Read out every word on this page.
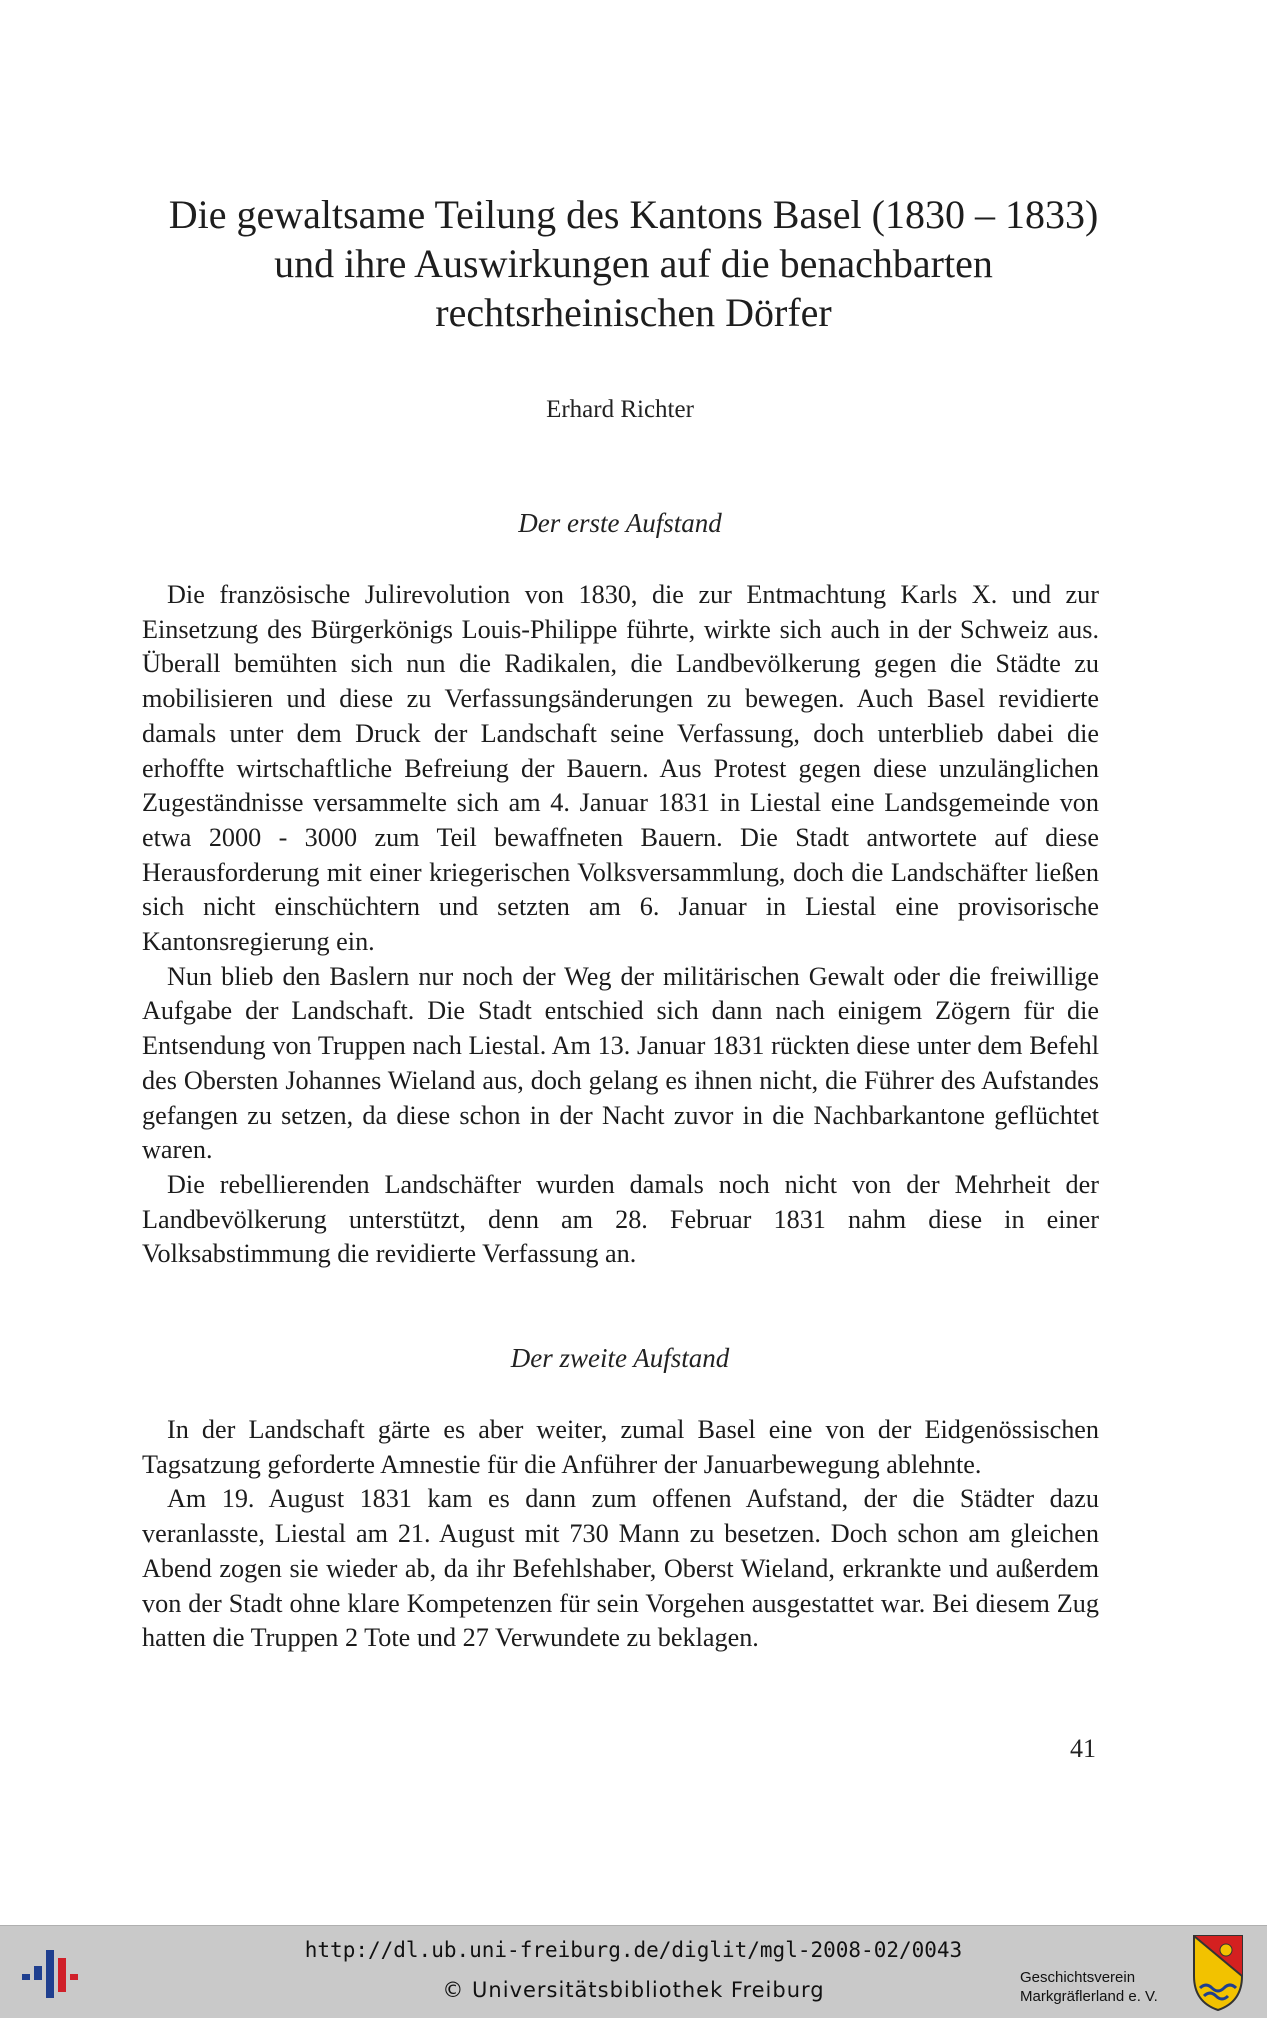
Die gewaltsame Teilung des Kantons Basel (1830 – 1833)
und ihre Auswirkungen auf die benachbarten
rechtsrheinischen Dörfer
Erhard Richter
Der erste Aufstand

Die französische Julirevolution von 1830, die zur Entmachtung Karls X. und zur Einsetzung des Bürgerkönigs Louis-Philippe führte, wirkte sich auch in der Schweiz aus. Überall bemühten sich nun die Radikalen, die Landbevölkerung gegen die Städte zu mobilisieren und diese zu Verfassungsänderungen zu bewegen. Auch Basel revidierte damals unter dem Druck der Landschaft seine Verfassung, doch unterblieb dabei die erhoffte wirtschaftliche Befreiung der Bauern. Aus Protest gegen diese unzulänglichen Zugeständnisse versammelte sich am 4. Januar 1831 in Liestal eine Landsgemeinde von etwa 2000 - 3000 zum Teil bewaffneten Bauern. Die Stadt antwortete auf diese Herausforderung mit einer kriegerischen Volksversammlung, doch die Landschäfter ließen sich nicht einschüchtern und setzten am 6. Januar in Liestal eine provisorische Kantonsregierung ein.

Nun blieb den Baslern nur noch der Weg der militärischen Gewalt oder die freiwillige Aufgabe der Landschaft. Die Stadt entschied sich dann nach einigem Zögern für die Entsendung von Truppen nach Liestal. Am 13. Januar 1831 rückten diese unter dem Befehl des Obersten Johannes Wieland aus, doch gelang es ihnen nicht, die Führer des Aufstandes gefangen zu setzen, da diese schon in der Nacht zuvor in die Nachbarkantone geflüchtet waren.

Die rebellierenden Landschäfter wurden damals noch nicht von der Mehrheit der Landbevölkerung unterstützt, denn am 28. Februar 1831 nahm diese in einer Volksabstimmung die revidierte Verfassung an.

Der zweite Aufstand

In der Landschaft gärte es aber weiter, zumal Basel eine von der Eidgenössischen Tagsatzung geforderte Amnestie für die Anführer der Januarbewegung ablehnte.

Am 19. August 1831 kam es dann zum offenen Aufstand, der die Städter dazu veranlasste, Liestal am 21. August mit 730 Mann zu besetzen. Doch schon am gleichen Abend zogen sie wieder ab, da ihr Befehlshaber, Oberst Wieland, erkrankte und außerdem von der Stadt ohne klare Kompetenzen für sein Vorgehen ausgestattet war. Bei diesem Zug hatten die Truppen 2 Tote und 27 Verwundete zu beklagen.

41
http://dl.ub.uni-freiburg.de/diglit/mgl-2008-02/0043
© Universitätsbibliothek Freiburg
Geschichtsverein
Markgräflerland e. V.
